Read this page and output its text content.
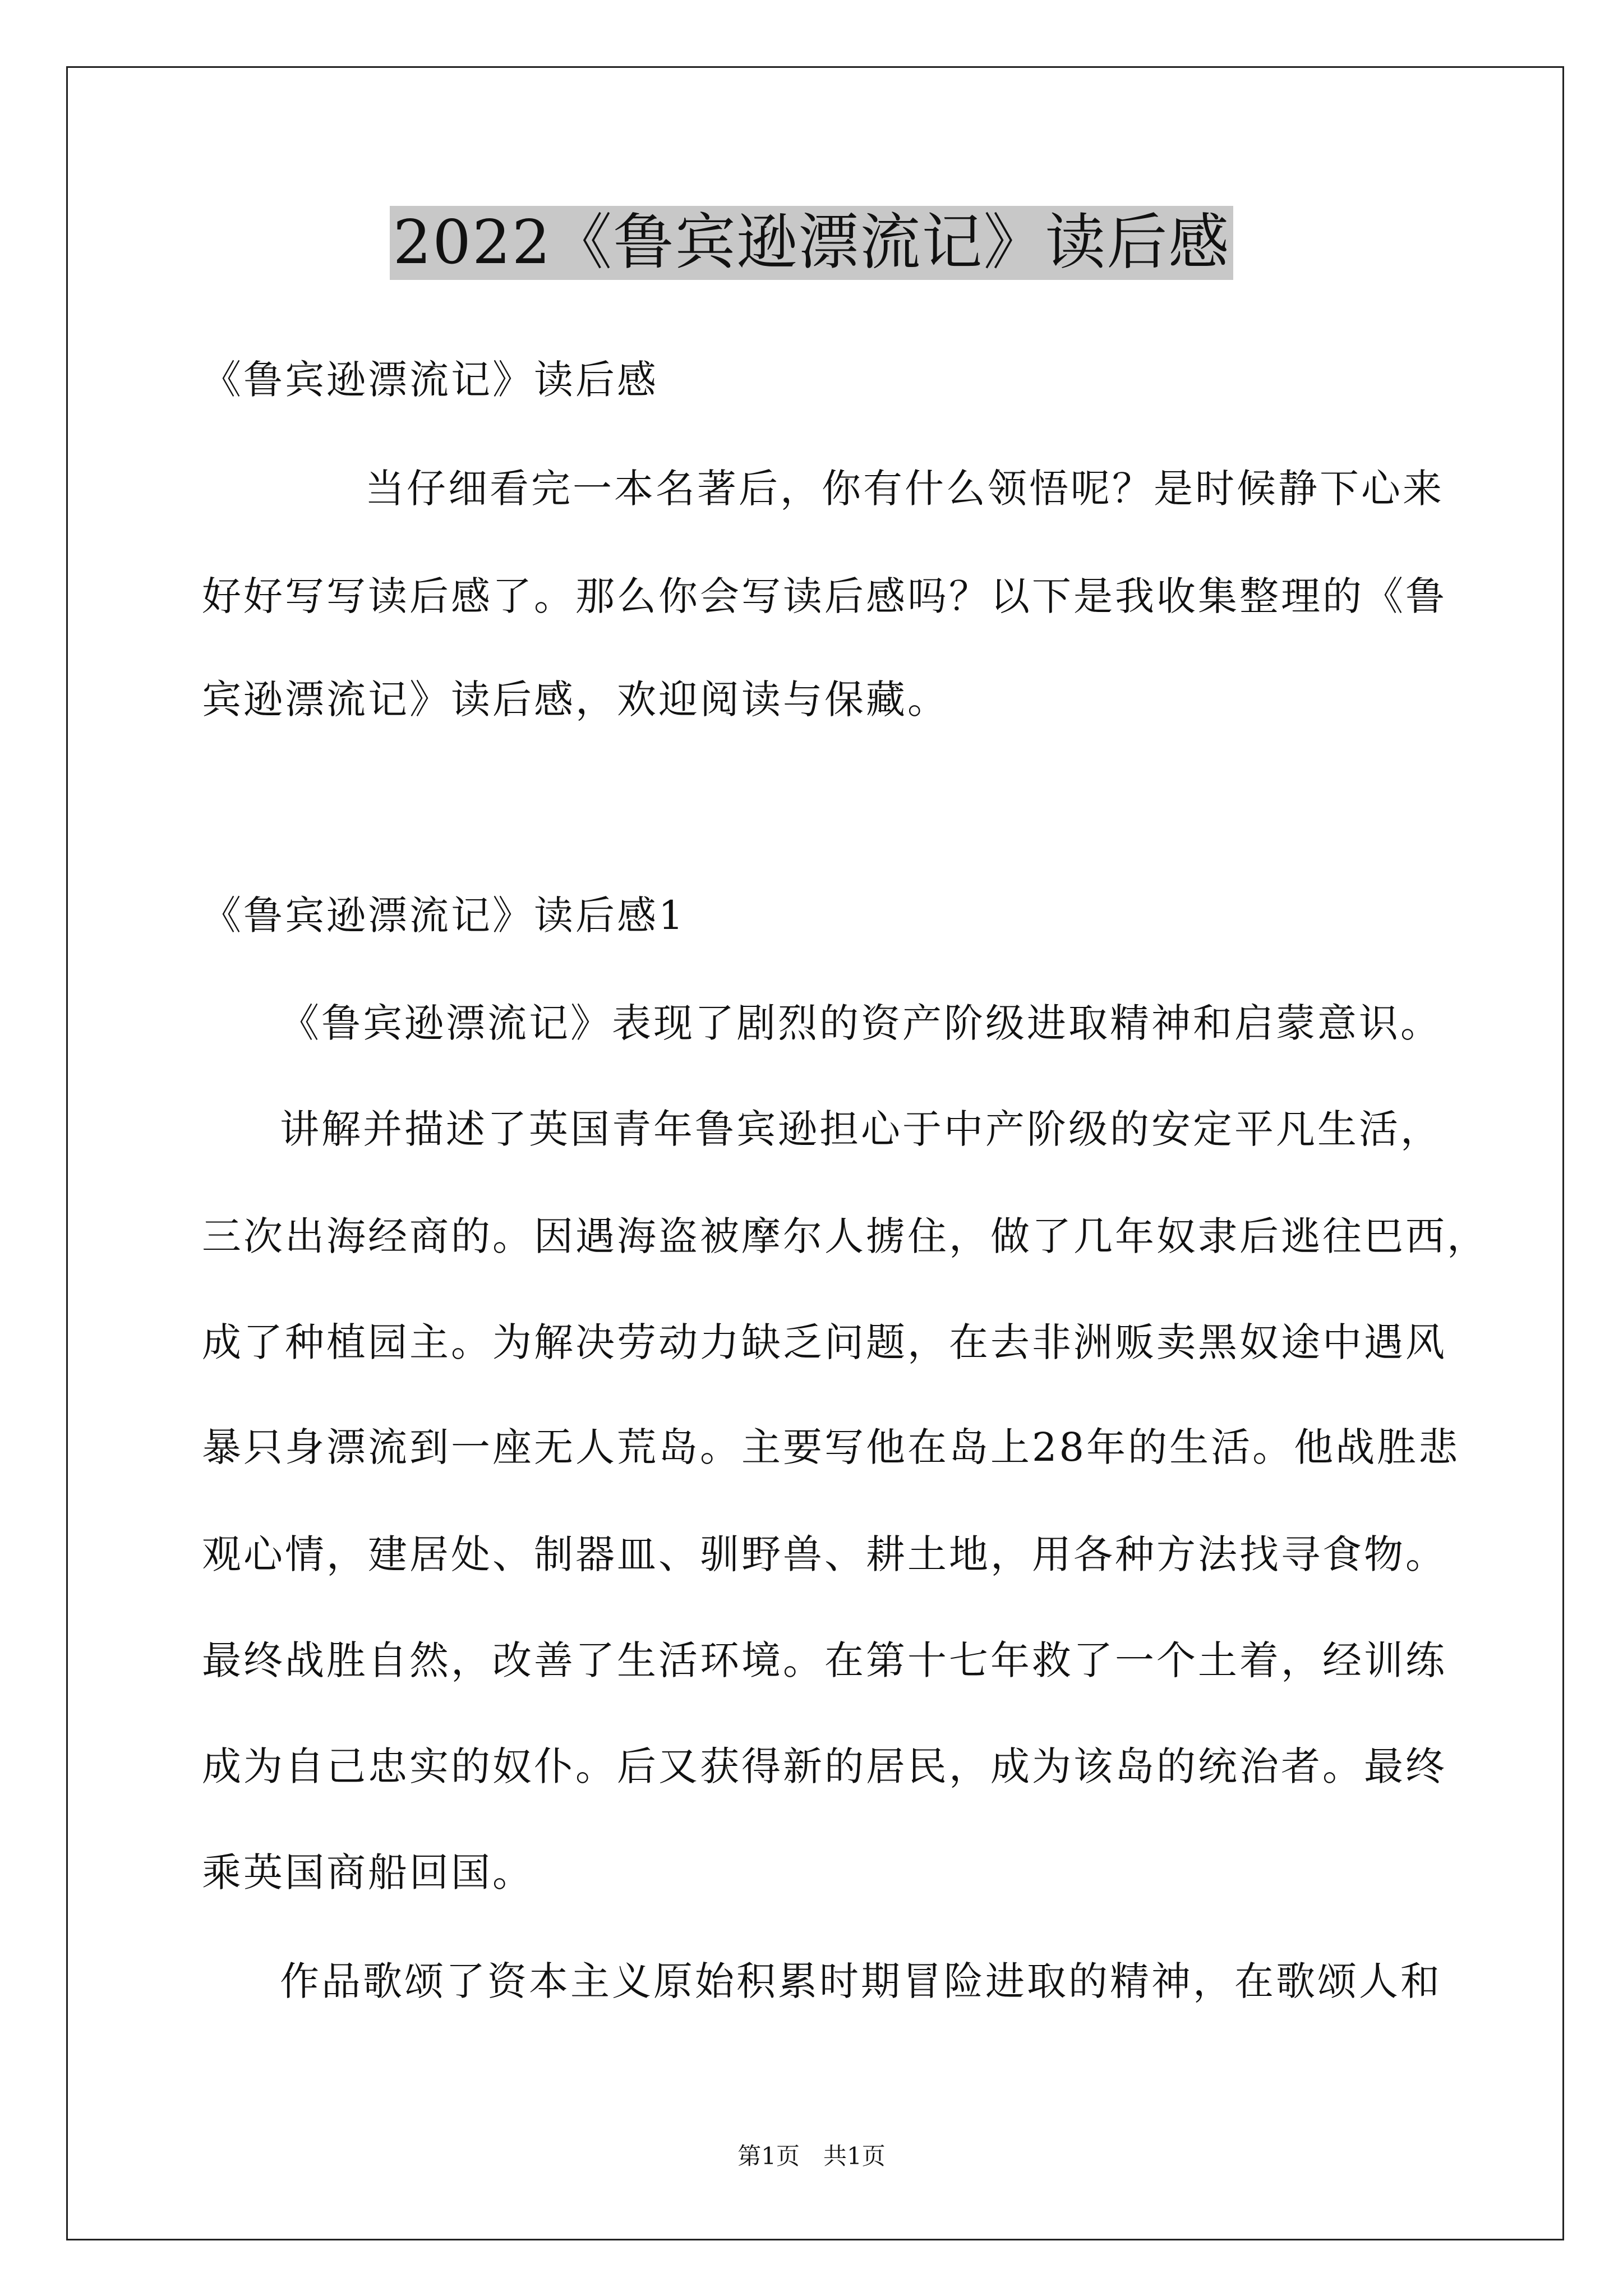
2022《鲁宾逊漂流记》读后感
《鲁宾逊漂流记》读后感
当仔细看完一本名著后，你有什么领悟呢？是时候静下心来
好好写写读后感了。那么你会写读后感吗？以下是我收集整理的《鲁
宾逊漂流记》读后感，欢迎阅读与保藏。
《鲁宾逊漂流记》读后感1
《鲁宾逊漂流记》表现了剧烈的资产阶级进取精神和启蒙意识。
讲解并描述了英国青年鲁宾逊担心于中产阶级的安定平凡生活，
三次出海经商的。因遇海盗被摩尔人掳住，做了几年奴隶后逃往巴西，
成了种植园主。为解决劳动力缺乏问题，在去非洲贩卖黑奴途中遇风
暴只身漂流到一座无人荒岛。主要写他在岛上28年的生活。他战胜悲
观心情，建居处、制器皿、驯野兽、耕土地，用各种方法找寻食物。
最终战胜自然，改善了生活环境。在第十七年救了一个土着，经训练
成为自己忠实的奴仆。后又获得新的居民，成为该岛的统治者。最终
乘英国商船回国。
作品歌颂了资本主义原始积累时期冒险进取的精神，在歌颂人和
第1页　共1页
